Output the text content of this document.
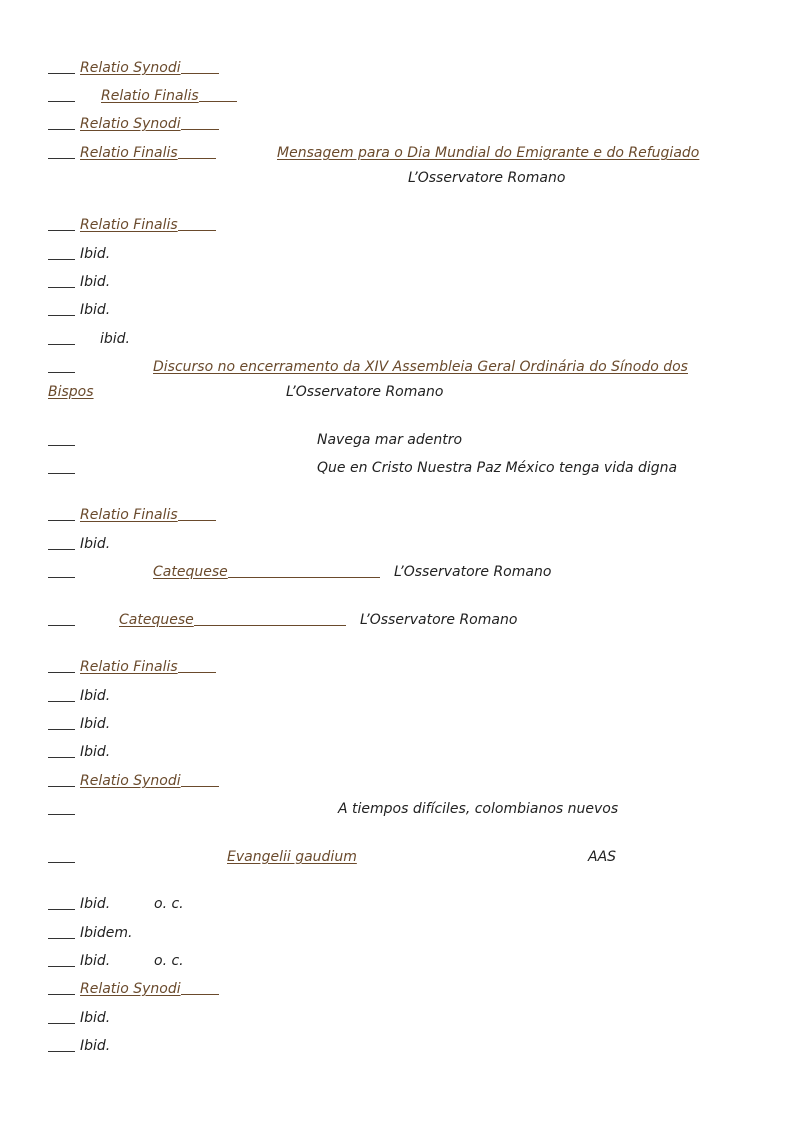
Relatio Synodi
Relatio Finalis
Relatio Synodi
Relatio Finalis	Mensagem para o Dia Mundial do Emigrante e do Refugiado
L’Osservatore Romano
Relatio Finalis
Ibid.
Ibid.
Ibid.
ibid.
Discurso no encerramento da XIV Assembleia Geral Ordinária do Sínodo dos
Bispos	L’Osservatore Romano
Navega mar adentro
Que en Cristo Nuestra Paz México tenga vida digna
Relatio Finalis
Ibid.
Catequese	L’Osservatore Romano
Catequese	L’Osservatore Romano
Relatio Finalis
Ibid.
Ibid.
Ibid.
Relatio Synodi
A tiempos difíciles, colombianos nuevos
Evangelii gaudium	AAS
Ibid.	o. c.
Ibidem.
Ibid.	o. c.
Relatio Synodi
Ibid.
Ibid.
